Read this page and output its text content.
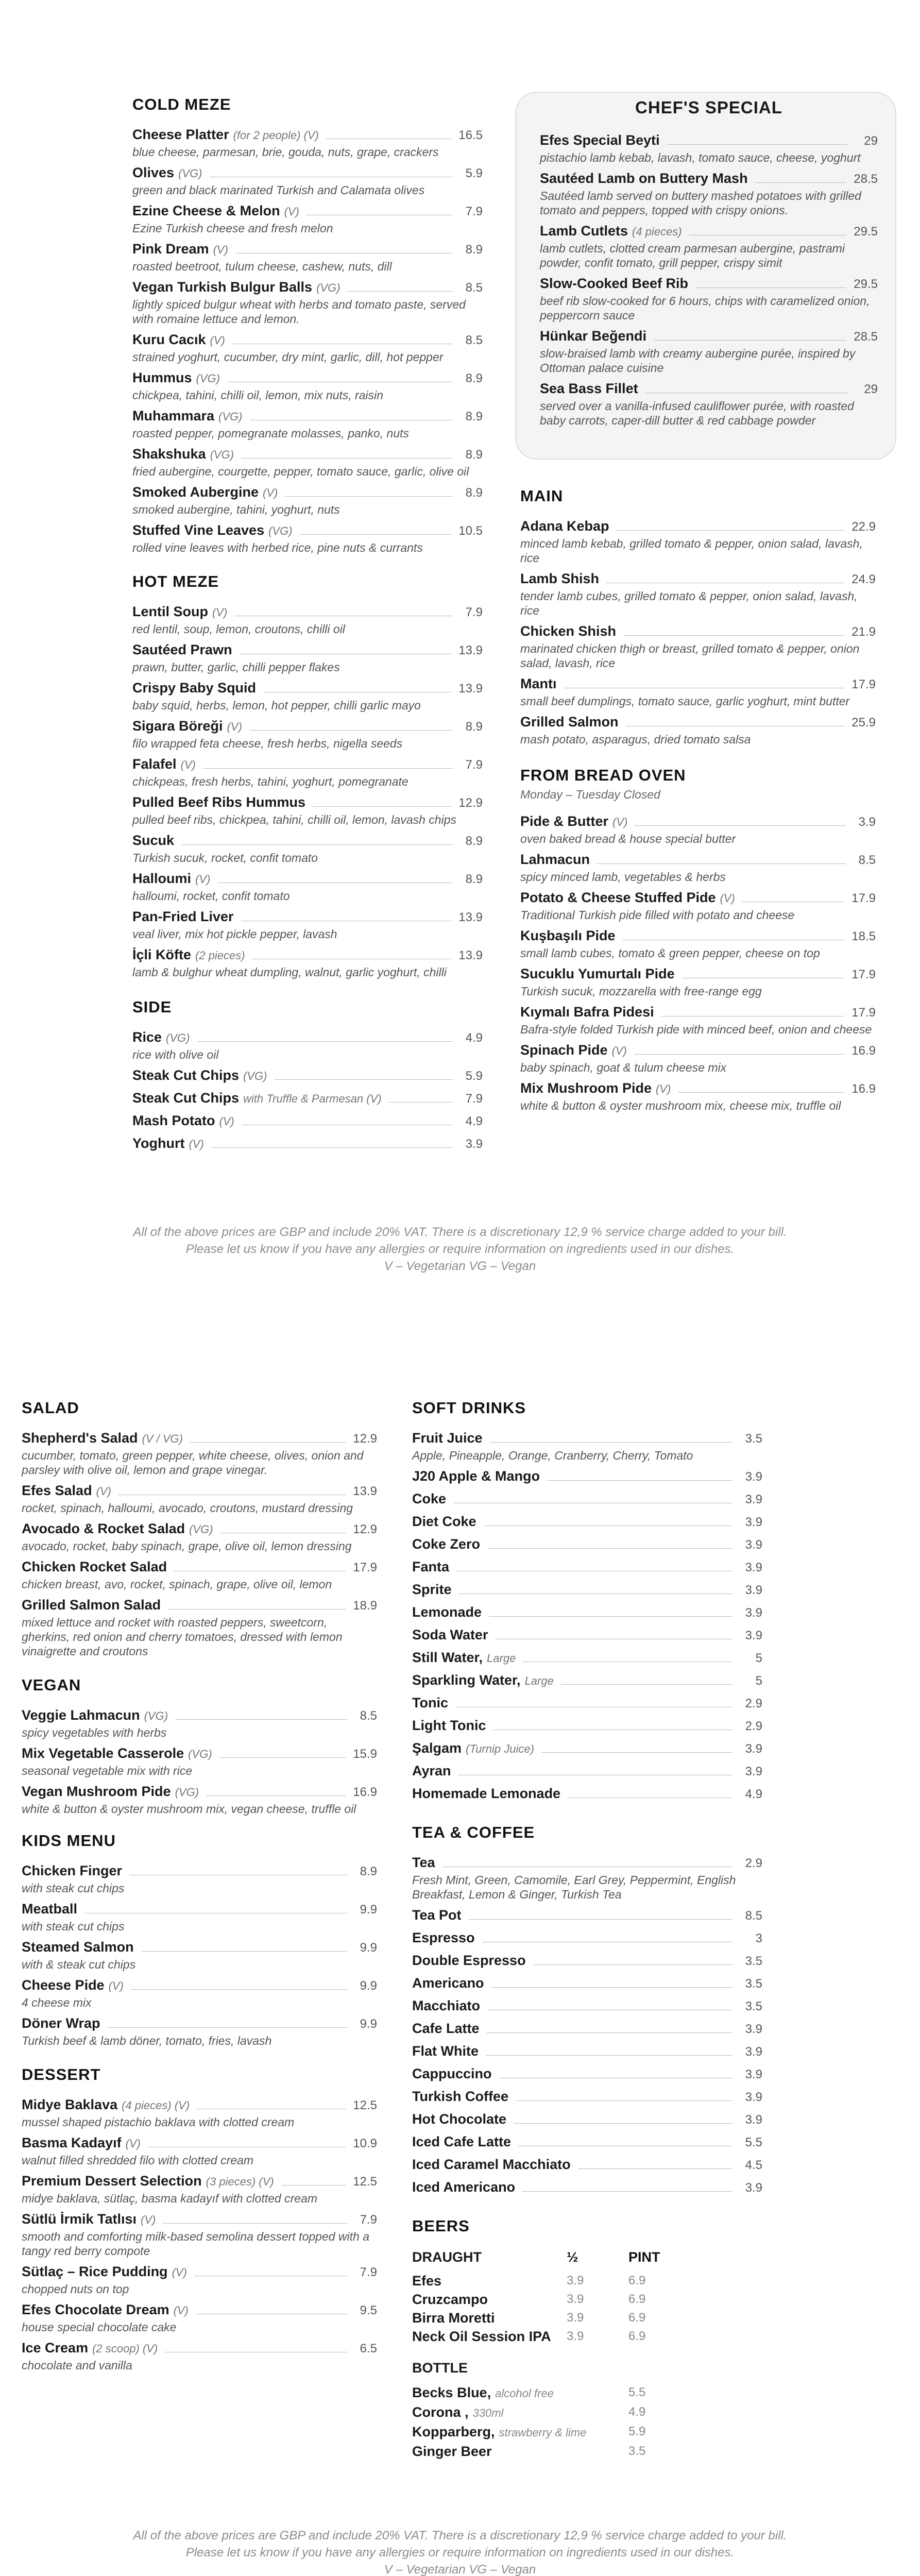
COLD MEZE
Cheese Platter (for 2 people) (V)	16.5
blue cheese, parmesan, brie, gouda, nuts, grape, crackers
Olives (VG)	5.9
green and black marinated Turkish and Calamata olives
Ezine Cheese & Melon (V)	7.9
Ezine Turkish cheese and fresh melon
Pink Dream (V)	8.9
roasted beetroot, tulum cheese, cashew, nuts, dill
Vegan Turkish Bulgur Balls (VG)	8.5
lightly spiced bulgur wheat with herbs and tomato paste, served with romaine lettuce and lemon.
Kuru Cacık (V)	8.5
strained yoghurt, cucumber, dry mint, garlic, dill, hot pepper
Hummus (VG)	8.9
chickpea, tahini, chilli oil, lemon, mix nuts, raisin
Muhammara (VG)	8.9
roasted pepper, pomegranate molasses, panko, nuts
Shakshuka (VG)	8.9
fried aubergine, courgette, pepper, tomato sauce, garlic, olive oil
Smoked Aubergine (V)	8.9
smoked aubergine, tahini, yoghurt, nuts
Stuffed Vine Leaves (VG)	10.5
rolled vine leaves with herbed rice, pine nuts & currants
HOT MEZE
Lentil Soup (V)	7.9
red lentil, soup, lemon, croutons, chilli oil
Sautéed Prawn	13.9
prawn, butter, garlic, chilli pepper flakes
Crispy Baby Squid	13.9
baby squid, herbs, lemon, hot pepper, chilli garlic mayo
Sigara Böreği (V)	8.9
filo wrapped feta cheese, fresh herbs, nigella seeds
Falafel (V)	7.9
chickpeas, fresh herbs, tahini, yoghurt, pomegranate
Pulled Beef Ribs Hummus	12.9
pulled beef ribs, chickpea, tahini, chilli oil, lemon, lavash chips
Sucuk	8.9
Turkish sucuk, rocket, confit tomato
Halloumi (V)	8.9
halloumi, rocket, confit tomato
Pan-Fried Liver	13.9
veal liver, mix hot pickle pepper, lavash
İçli Köfte (2 pieces)	13.9
lamb & bulghur wheat dumpling, walnut, garlic yoghurt, chilli
SIDE
Rice (VG)	4.9
rice with olive oil
Steak Cut Chips (VG)	5.9
Steak Cut Chips with Truffle & Parmesan (V)	7.9
Mash Potato (V)	4.9
Yoghurt (V)	3.9
CHEF'S SPECIAL
Efes Special Beyti	29
pistachio lamb kebab, lavash, tomato sauce, cheese, yoghurt
Sautéed Lamb on Buttery Mash	28.5
Sautéed lamb served on buttery mashed potatoes with grilled tomato and peppers, topped with crispy onions.
Lamb Cutlets (4 pieces)	29.5
lamb cutlets, clotted cream parmesan aubergine, pastrami powder, confit tomato, grill pepper, crispy simit
Slow-Cooked Beef Rib	29.5
beef rib slow-cooked for 6 hours, chips with caramelized onion, peppercorn sauce
Hünkar Beğendi	28.5
slow-braised lamb with creamy aubergine purée, inspired by Ottoman palace cuisine
Sea Bass Fillet	29
served over a vanilla-infused cauliflower purée, with roasted baby carrots, caper-dill butter & red cabbage powder
MAIN
Adana Kebap	22.9
minced lamb kebab, grilled tomato & pepper, onion salad, lavash, rice
Lamb Shish	24.9
tender lamb cubes, grilled tomato & pepper, onion salad, lavash, rice
Chicken Shish	21.9
marinated chicken thigh or breast, grilled tomato & pepper, onion salad, lavash, rice
Mantı	17.9
small beef dumplings, tomato sauce, garlic yoghurt, mint butter
Grilled Salmon	25.9
mash potato, asparagus, dried tomato salsa
FROM BREAD OVEN
Monday – Tuesday Closed
Pide & Butter (V)	3.9
oven baked bread & house special butter
Lahmacun	8.5
spicy minced lamb, vegetables & herbs
Potato & Cheese Stuffed Pide (V)	17.9
Traditional Turkish pide filled with potato and cheese
Kuşbaşılı Pide	18.5
small lamb cubes, tomato & green pepper, cheese on top
Sucuklu Yumurtalı Pide	17.9
Turkish sucuk, mozzarella with free-range egg
Kıymalı Bafra Pidesi	17.9
Bafra-style folded Turkish pide with minced beef, onion and cheese
Spinach Pide (V)	16.9
baby spinach, goat & tulum cheese mix
Mix Mushroom Pide (V)	16.9
white & button & oyster mushroom mix, cheese mix, truffle oil
All of the above prices are GBP and include 20% VAT. There is a discretionary 12,9 % service charge added to your bill.
Please let us know if you have any allergies or require information on ingredients used in our dishes.
V – Vegetarian VG – Vegan
SALAD
Shepherd's Salad (V / VG)	12.9
cucumber, tomato, green pepper, white cheese, olives, onion and parsley with olive oil, lemon and grape vinegar.
Efes Salad (V)	13.9
rocket, spinach, halloumi, avocado, croutons, mustard dressing
Avocado & Rocket Salad (VG)	12.9
avocado, rocket, baby spinach, grape, olive oil, lemon dressing
Chicken Rocket Salad	17.9
chicken breast, avo, rocket, spinach, grape, olive oil, lemon
Grilled Salmon Salad	18.9
mixed lettuce and rocket with roasted peppers, sweetcorn, gherkins, red onion and cherry tomatoes, dressed with lemon vinaigrette and croutons
VEGAN
Veggie Lahmacun (VG)	8.5
spicy vegetables with herbs
Mix Vegetable Casserole (VG)	15.9
seasonal vegetable mix with rice
Vegan Mushroom Pide (VG)	16.9
white & button & oyster mushroom mix, vegan cheese, truffle oil
KIDS MENU
Chicken Finger	8.9
with steak cut chips
Meatball	9.9
with steak cut chips
Steamed Salmon	9.9
with & steak cut chips
Cheese Pide (V)	9.9
4 cheese mix
Döner Wrap	9.9
Turkish beef & lamb döner, tomato, fries, lavash
DESSERT
Midye Baklava (4 pieces) (V)	12.5
mussel shaped pistachio baklava with clotted cream
Basma Kadayıf (V)	10.9
walnut filled shredded filo with clotted cream
Premium Dessert Selection (3 pieces) (V)	12.5
midye baklava, sütlaç, basma kadayıf with clotted cream
Sütlü İrmik Tatlısı (V)	7.9
smooth and comforting milk-based semolina dessert topped with a tangy red berry compote
Sütlaç – Rice Pudding (V)	7.9
chopped nuts on top
Efes Chocolate Dream (V)	9.5
house special chocolate cake
Ice Cream (2 scoop) (V)	6.5
chocolate and vanilla
SOFT DRINKS
Fruit Juice	3.5
Apple, Pineapple, Orange, Cranberry, Cherry, Tomato
J20 Apple & Mango	3.9
Coke	3.9
Diet Coke	3.9
Coke Zero	3.9
Fanta	3.9
Sprite	3.9
Lemonade	3.9
Soda Water	3.9
Still Water, Large	5
Sparkling Water, Large	5
Tonic	2.9
Light Tonic	2.9
Şalgam (Turnip Juice)	3.9
Ayran	3.9
Homemade Lemonade	4.9
TEA & COFFEE
Tea	2.9
Fresh Mint, Green, Camomile, Earl Grey, Peppermint, English Breakfast, Lemon & Ginger, Turkish Tea
Tea Pot	8.5
Espresso	3
Double Espresso	3.5
Americano	3.5
Macchiato	3.5
Cafe Latte	3.9
Flat White	3.9
Cappuccino	3.9
Turkish Coffee	3.9
Hot Chocolate	3.9
Iced Cafe Latte	5.5
Iced Caramel Macchiato	4.5
Iced Americano	3.9
BEERS
DRAUGHT	½	PINT
Efes	3.9	6.9
Cruzcampo	3.9	6.9
Birra Moretti	3.9	6.9
Neck Oil Session IPA	3.9	6.9
BOTTLE
Becks Blue, alcohol free	5.5
Corona , 330ml	4.9
Kopparberg, strawberry & lime	5.9
Ginger Beer	3.5
All of the above prices are GBP and include 20% VAT. There is a discretionary 12,9 % service charge added to your bill.
Please let us know if you have any allergies or require information on ingredients used in our dishes.
V – Vegetarian VG – Vegan
